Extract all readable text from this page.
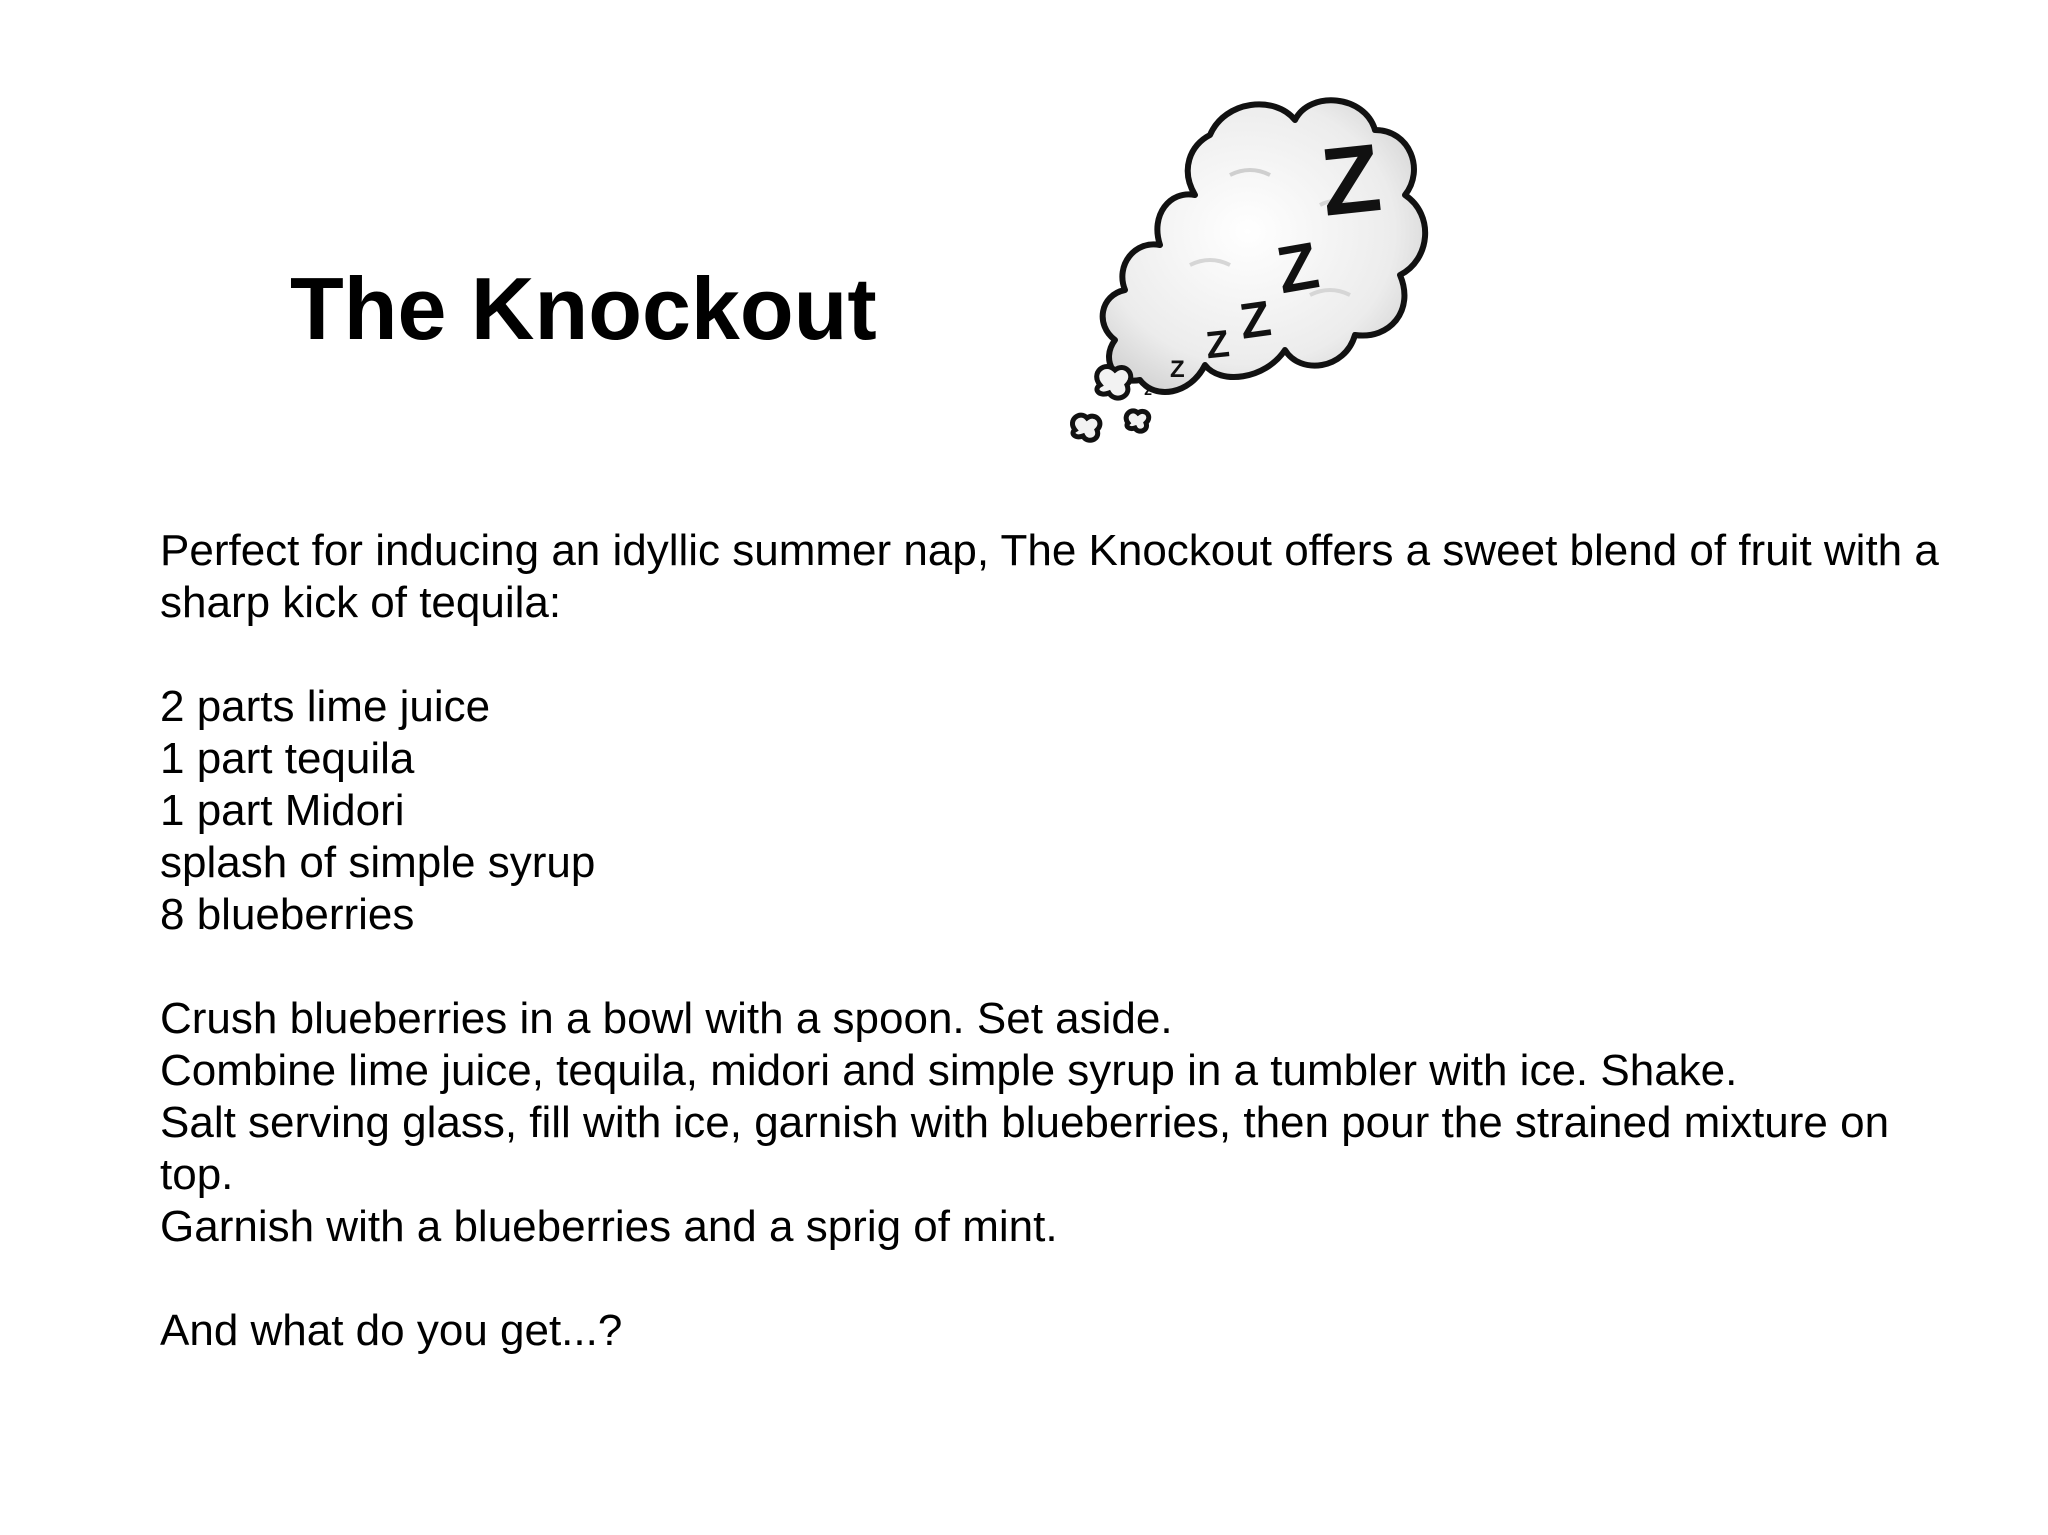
The Knockout
Z
Z
Z
Z
Z
z

Perfect for inducing an idyllic summer nap, The Knockout offers a sweet blend of fruit with a sharp kick of tequila:

2 parts lime juice

1 part tequila

1 part Midori

splash of simple syrup

8 blueberries

Crush blueberries in a bowl with a spoon. Set aside.

Combine lime juice, tequila, midori and simple syrup in a tumbler with ice. Shake.

Salt serving glass, fill with ice, garnish with blueberries, then pour the strained mixture on top.

Garnish with a blueberries and a sprig of mint.

And what do you get...?
